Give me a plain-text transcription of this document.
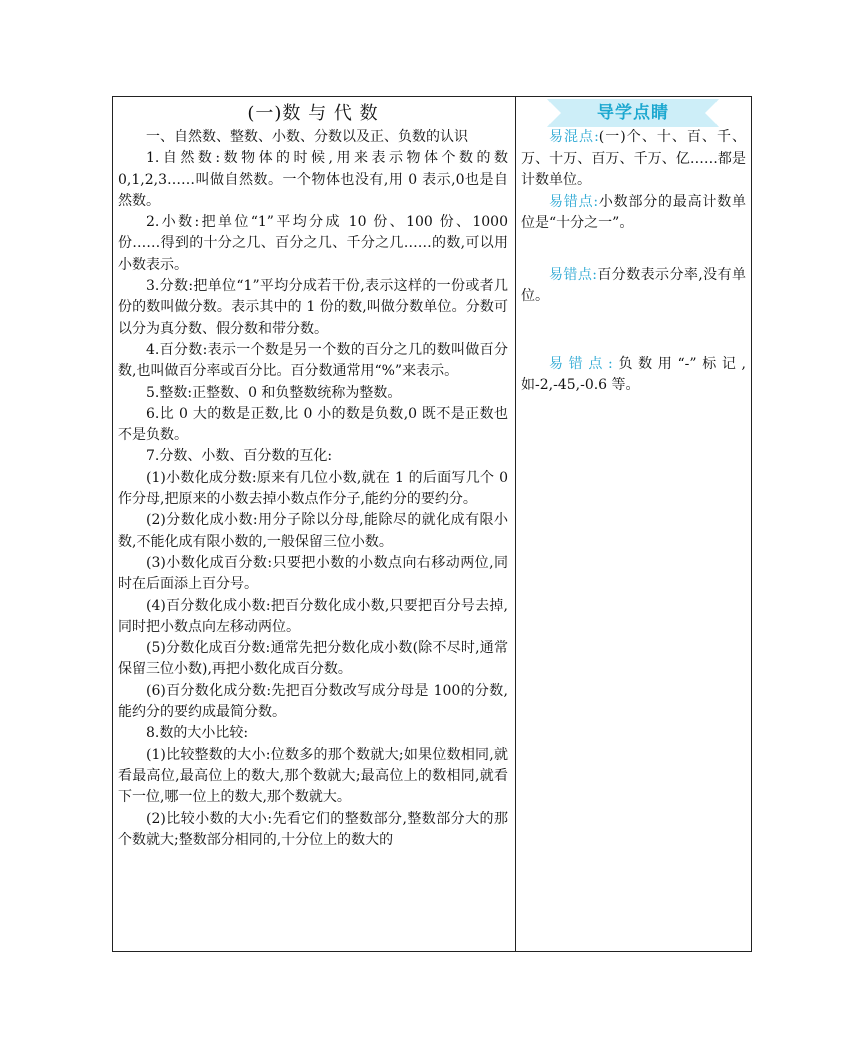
(一)数 与 代 数

一、自然数、整数、小数、分数以及正、负数的认识

1.自然数:数物体的时候,用来表示物体个数的数0,1,2,3……叫做自然数。一个物体也没有,用 0 表示,0也是自然数。

2.小数:把单位“1”平均分成 10 份、100 份、1000 份……得到的十分之几、百分之几、千分之几……的数,可以用小数表示。

3.分数:把单位“1”平均分成若干份,表示这样的一份或者几份的数叫做分数。表示其中的 1 份的数,叫做分数单位。分数可以分为真分数、假分数和带分数。

4.百分数:表示一个数是另一个数的百分之几的数叫做百分数,也叫做百分率或百分比。百分数通常用“%”来表示。

5.整数:正整数、0 和负整数统称为整数。

6.比 0 大的数是正数,比 0 小的数是负数,0 既不是正数也不是负数。

7.分数、小数、百分数的互化:

(1)小数化成分数:原来有几位小数,就在 1 的后面写几个 0 作分母,把原来的小数去掉小数点作分子,能约分的要约分。

(2)分数化成小数:用分子除以分母,能除尽的就化成有限小数,不能化成有限小数的,一般保留三位小数。

(3)小数化成百分数:只要把小数的小数点向右移动两位,同时在后面添上百分号。

(4)百分数化成小数:把百分数化成小数,只要把百分号去掉,同时把小数点向左移动两位。

(5)分数化成百分数:通常先把分数化成小数(除不尽时,通常保留三位小数),再把小数化成百分数。

(6)百分数化成分数:先把百分数改写成分母是 100的分数,能约分的要约成最简分数。

8.数的大小比较:

(1)比较整数的大小:位数多的那个数就大;如果位数相同,就看最高位,最高位上的数大,那个数就大;最高位上的数相同,就看下一位,哪一位上的数大,那个数就大。

(2)比较小数的大小:先看它们的整数部分,整数部分大的那个数就大;整数部分相同的,十分位上的数大的

导学点睛

易混点:(一)个、十、百、千、万、十万、百万、千万、亿……都是计数单位。

易错点:小数部分的最高计数单位是“十分之一”。

易错点:百分数表示分率,没有单位。

易错点:负数用“-”标记,如-2,-45,-0.6 等。
